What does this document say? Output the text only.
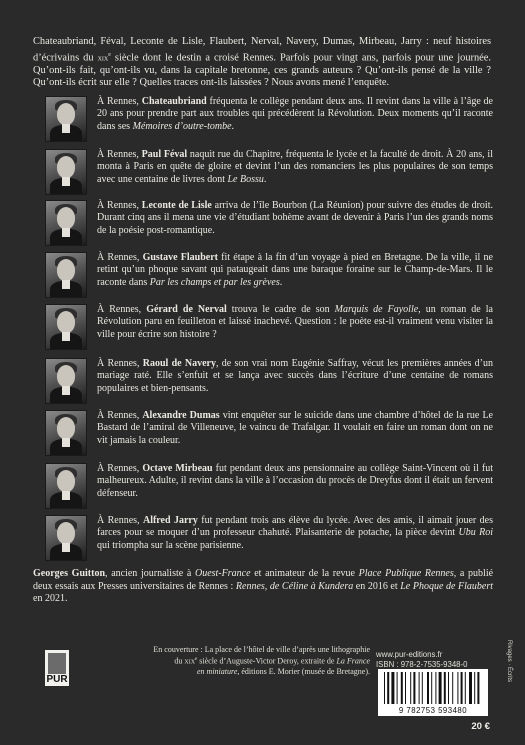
Chateaubriand, Féval, Leconte de Lisle, Flaubert, Nerval, Navery, Dumas, Mirbeau, Jarry : neuf histoires d’écrivains du xix$^e$ siècle dont le destin a croisé Rennes. Parfois pour vingt ans, parfois pour une journée. Qu’ont-ils fait, qu’ont-ils vu, dans la capitale bretonne, ces grands auteurs ? Qu’ont-ils pensé de la ville ? Qu’ont-ils écrit sur elle ? Quelles traces ont-ils laissées ? Nous avons mené l’enquête.

À Rennes, Chateaubriand fréquenta le collège pendant deux ans. Il revint dans la ville à l’âge de 20 ans pour prendre part aux troubles qui précédèrent la Révolution. Deux moments qu’il raconte dans ses Mémoires d’outre-tombe.
À Rennes, Paul Féval naquit rue du Chapitre, fréquenta le lycée et la faculté de droit. À 20 ans, il monta à Paris en quête de gloire et devint l’un des romanciers les plus populaires de son temps avec une centaine de livres dont Le Bossu.
À Rennes, Leconte de Lisle arriva de l’île Bourbon (La Réunion) pour suivre des études de droit. Durant cinq ans il mena une vie d’étudiant bohème avant de devenir à Paris l’un des grands noms de la poésie post-romantique.
À Rennes, Gustave Flaubert fit étape à la fin d’un voyage à pied en Bretagne. De la ville, il ne retint qu’un phoque savant qui pataugeait dans une baraque foraine sur le Champ-de-Mars. Il le raconte dans Par les champs et par les grèves.
À Rennes, Gérard de Nerval trouva le cadre de son Marquis de Fayolle, un roman de la Révolution paru en feuilleton et laissé inachevé. Question : le poète est-il vraiment venu visiter la ville pour écrire son histoire ?
À Rennes, Raoul de Navery, de son vrai nom Eugénie Saffray, vécut les premières années d’un mariage raté. Elle s’enfuit et se lança avec succès dans l’écriture d’une centaine de romans populaires et bien-pensants.
À Rennes, Alexandre Dumas vint enquêter sur le suicide dans une chambre d’hôtel de la rue Le Bastard de l’amiral de Villeneuve, le vaincu de Trafalgar. Il voulait en faire un roman dont on ne vit jamais la couleur.
À Rennes, Octave Mirbeau fut pendant deux ans pensionnaire au collège Saint-Vincent où il fut malheureux. Adulte, il revint dans la ville à l’occasion du procès de Dreyfus dont il était un fervent défenseur.
À Rennes, Alfred Jarry fut pendant trois ans élève du lycée. Avec des amis, il aimait jouer des farces pour se moquer d’un professeur chahuté. Plaisanterie de potache, la pièce devint Ubu Roi qui triompha sur la scène parisienne.

Georges Guitton, ancien journaliste à Ouest-France et animateur de la revue Place Publique Rennes, a publié deux essais aux Presses universitaires de Rennes : Rennes, de Céline à Kundera en 2016 et Le Phoque de Flaubert en 2021.

PUR
En couverture : La place de l’hôtel de ville d’après une lithographie
du xix$^e$ siècle d’Auguste-Victor Deroy, extraite de La France
en miniature, éditions E. Morier (musée de Bretagne).
www.pur-editions.fr
ISBN : 978-2-7535-9348-0
9 782753 593480
20 €
Rivages · Écrits
